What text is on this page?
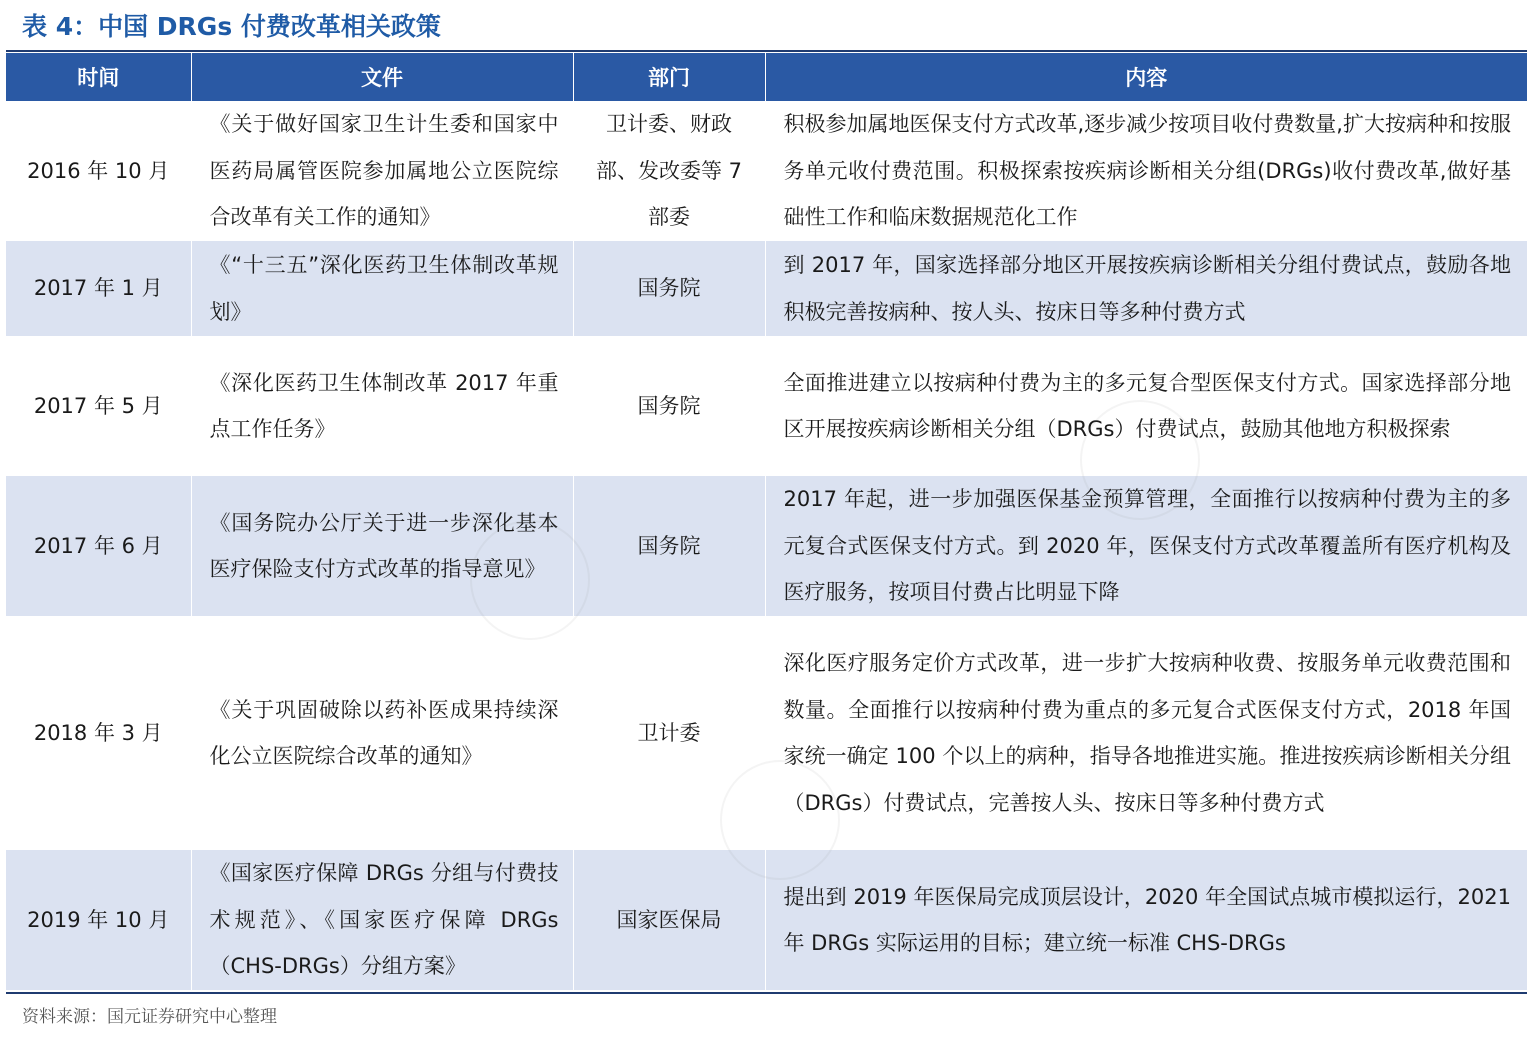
表 4：中国 DRGs 付费改革相关政策
时间	文件	部门	内容
2016 年 10 月	《关于做好国家卫生计生委和国家中医药局属管医院参加属地公立医院综合改革有关工作的通知》	卫计委、财政部、发改委等 7 部委	积极参加属地医保支付方式改革,逐步减少按项目收付费数量,扩大按病种和按服务单元收付费范围。积极探索按疾病诊断相关分组(DRGs)收付费改革,做好基础性工作和临床数据规范化工作
2017 年 1 月	《“十三五”深化医药卫生体制改革规划》	国务院	到 2017 年，国家选择部分地区开展按疾病诊断相关分组付费试点，鼓励各地积极完善按病种、按人头、按床日等多种付费方式
2017 年 5 月	《深化医药卫生体制改革 2017 年重点工作任务》	国务院	全面推进建立以按病种付费为主的多元复合型医保支付方式。国家选择部分地区开展按疾病诊断相关分组（DRGs）付费试点，鼓励其他地方积极探索
2017 年 6 月	《国务院办公厅关于进一步深化基本医疗保险支付方式改革的指导意见》	国务院	2017 年起，进一步加强医保基金预算管理，全面推行以按病种付费为主的多元复合式医保支付方式。到 2020 年，医保支付方式改革覆盖所有医疗机构及医疗服务，按项目付费占比明显下降
2018 年 3 月	《关于巩固破除以药补医成果持续深化公立医院综合改革的通知》	卫计委	深化医疗服务定价方式改革，进一步扩大按病种收费、按服务单元收费范围和数量。全面推行以按病种付费为重点的多元复合式医保支付方式，2018 年国家统一确定 100 个以上的病种，指导各地推进实施。推进按疾病诊断相关分组（DRGs）付费试点，完善按人头、按床日等多种付费方式
2019 年 10 月	《国家医疗保障 DRGs 分组与付费技术规范》、《国家医疗保障 DRGs（CHS-DRGs）分组方案》	国家医保局	提出到 2019 年医保局完成顶层设计，2020 年全国试点城市模拟运行，2021 年 DRGs 实际运用的目标；建立统一标准 CHS-DRGs
资料来源：国元证券研究中心整理
